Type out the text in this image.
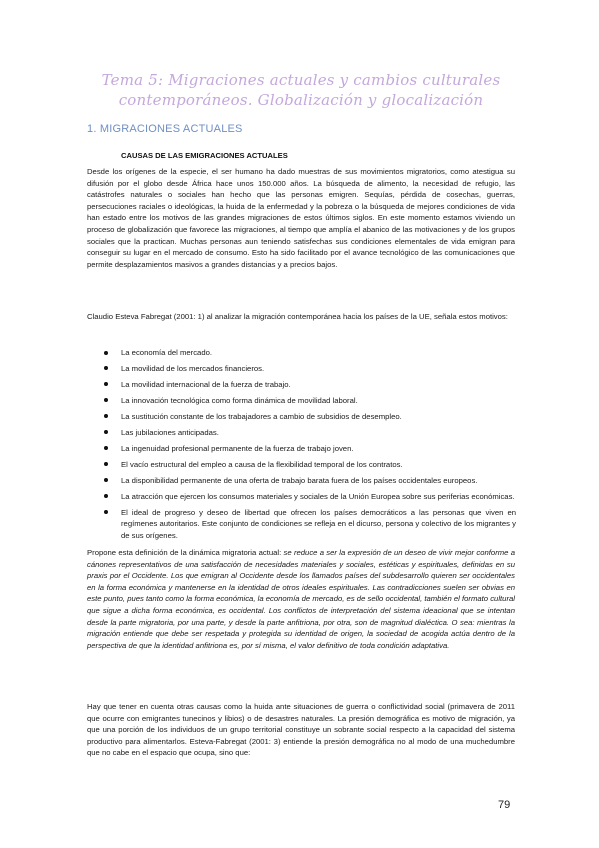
Tema 5: Migraciones actuales y cambios culturales
contemporáneos. Globalización y glocalización
1. MIGRACIONES ACTUALES
CAUSAS DE LAS EMIGRACIONES ACTUALES

Desde los orígenes de la especie, el ser humano ha dado muestras de sus movimientos migratorios, como atestigua su difusión por el globo desde África hace unos 150.000 años. La búsqueda de alimento, la necesidad de refugio, las catástrofes naturales o sociales han hecho que las personas emigren. Sequías, pérdida de cosechas, guerras, persecuciones raciales o ideológicas, la huida de la enfermedad y la pobreza o la búsqueda de mejores condiciones de vida han estado entre los motivos de las grandes migraciones de estos últimos siglos. En este momento estamos viviendo un proceso de globalización que favorece las migraciones, al tiempo que amplía el abanico de las motivaciones y de los grupos sociales que la practican. Muchas personas aun teniendo satisfechas sus condiciones elementales de vida emigran para conseguir su lugar en el mercado de consumo. Esto ha sido facilitado por el avance tecnológico de las comunicaciones que permite desplazamientos masivos a grandes distancias y a precios bajos.

Claudio Esteva Fabregat (2001: 1) al analizar la migración contemporánea hacia los países de la UE, señala estos motivos:

La economía del mercado.
La movilidad de los mercados financieros.
La movilidad internacional de la fuerza de trabajo.
La innovación tecnológica como forma dinámica de movilidad laboral.
La sustitución constante de los trabajadores a cambio de subsidios de desempleo.
Las jubilaciones anticipadas.
La ingenuidad profesional permanente de la fuerza de trabajo joven.
El vacío estructural del empleo a causa de la flexibilidad temporal de los contratos.
La disponibilidad permanente de una oferta de trabajo barata fuera de los países occidentales europeos.
La atracción que ejercen los consumos materiales y sociales de la Unión Europea sobre sus periferias económicas.
El ideal de progreso y deseo de libertad que ofrecen los países democráticos a las personas que viven en regímenes autoritarios. Este conjunto de condiciones se refleja en el dicurso, persona y colectivo de los migrantes y de sus orígenes.

Propone esta definición de la dinámica migratoria actual: se reduce a ser la expresión de un deseo de vivir mejor conforme a cánones representativos de una satisfacción de necesidades materiales y sociales, estéticas y espirituales, definidas en su praxis por el Occidente. Los que emigran al Occidente desde los llamados países del subdesarrollo quieren ser occidentales en la forma económica y mantenerse en la identidad de otros ideales espirituales. Las contradicciones suelen ser obvias en este punto, pues tanto como la forma económica, la economía de mercado, es de sello occidental, también el formato cultural que sigue a dicha forma económica, es occidental. Los conflictos de interpretación del sistema ideacional que se intentan desde la parte migratoria, por una parte, y desde la parte anfitriona, por otra, son de magnitud dialéctica. O sea: mientras la migración entiende que debe ser respetada y protegida su identidad de origen, la sociedad de acogida actúa dentro de la perspectiva de que la identidad anfitriona es, por sí misma, el valor definitivo de toda condición adaptativa.

Hay que tener en cuenta otras causas como la huida ante situaciones de guerra o conflictividad social (primavera de 2011 que ocurre con emigrantes tunecinos y libios) o de desastres naturales. La presión demográfica es motivo de migración, ya que una porción de los individuos de un grupo territorial constituye un sobrante social respecto a la capacidad del sistema productivo para alimentarlos. Esteva-Fabregat (2001: 3) entiende la presión demográfica no al modo de una muchedumbre que no cabe en el espacio que ocupa, sino que:

79
